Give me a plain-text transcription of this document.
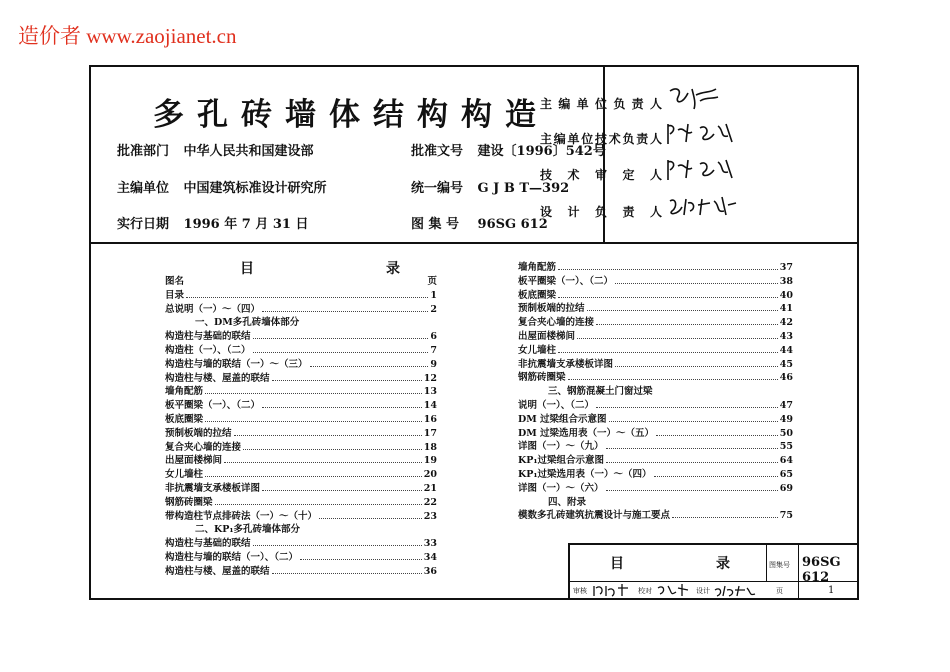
造价者 www.zaojianet.cn
多孔砖墙体结构构造
批准部门 中华人民共和国建设部	批准文号 建设〔1996〕542号
主编单位 中国建筑标准设计研究所	统一编号 G J B T—392
实行日期 1996 年 7 月 31 日	图 集 号 96SG 612
主编单位负责人
主编单位技术负责人
技术审定人
设计负责人
目	录
图名	页
目录	1
总说明（一）～（四）	2
一、DM多孔砖墙体部分
构造柱与基础的联结	6
构造柱（一）、（二）	7
构造柱与墙的联结（一）～（三）	9
构造柱与楼、屋盖的联结	12
墙角配筋	13
板平圈梁（一）、（二）	14
板底圈梁	16
预制板端的拉结	17
复合夹心墙的连接	18
出屋面楼梯间	19
女儿墙柱	20
非抗震墙支承楼板详图	21
钢筋砖圈梁	22
带构造柱节点排砖法（一）～（十）	23
二、KP₁多孔砖墙体部分
构造柱与基础的联结	33
构造柱与墙的联结（一）、（二）	34
构造柱与楼、屋盖的联结	36
墙角配筋	37
板平圈梁（一）、（二）	38
板底圈梁	40
预制板端的拉结	41
复合夹心墙的连接	42
出屋面楼梯间	43
女儿墙柱	44
非抗震墙支承楼板详图	45
钢筋砖圈梁	46
三、钢筋混凝土门窗过梁
说明（一）、（二）	47
DM 过梁组合示意图	49
DM 过梁选用表（一）～（五）	50
详图（一）～（九）	55
KP₁过梁组合示意图	64
KP₁过梁选用表（一）～（四）	65
详图（一）～（六）	69
四、附录
模数多孔砖建筑抗震设计与施工要点	75
目	录	图集号 96SG 612
审核	校对	设计	页	1
